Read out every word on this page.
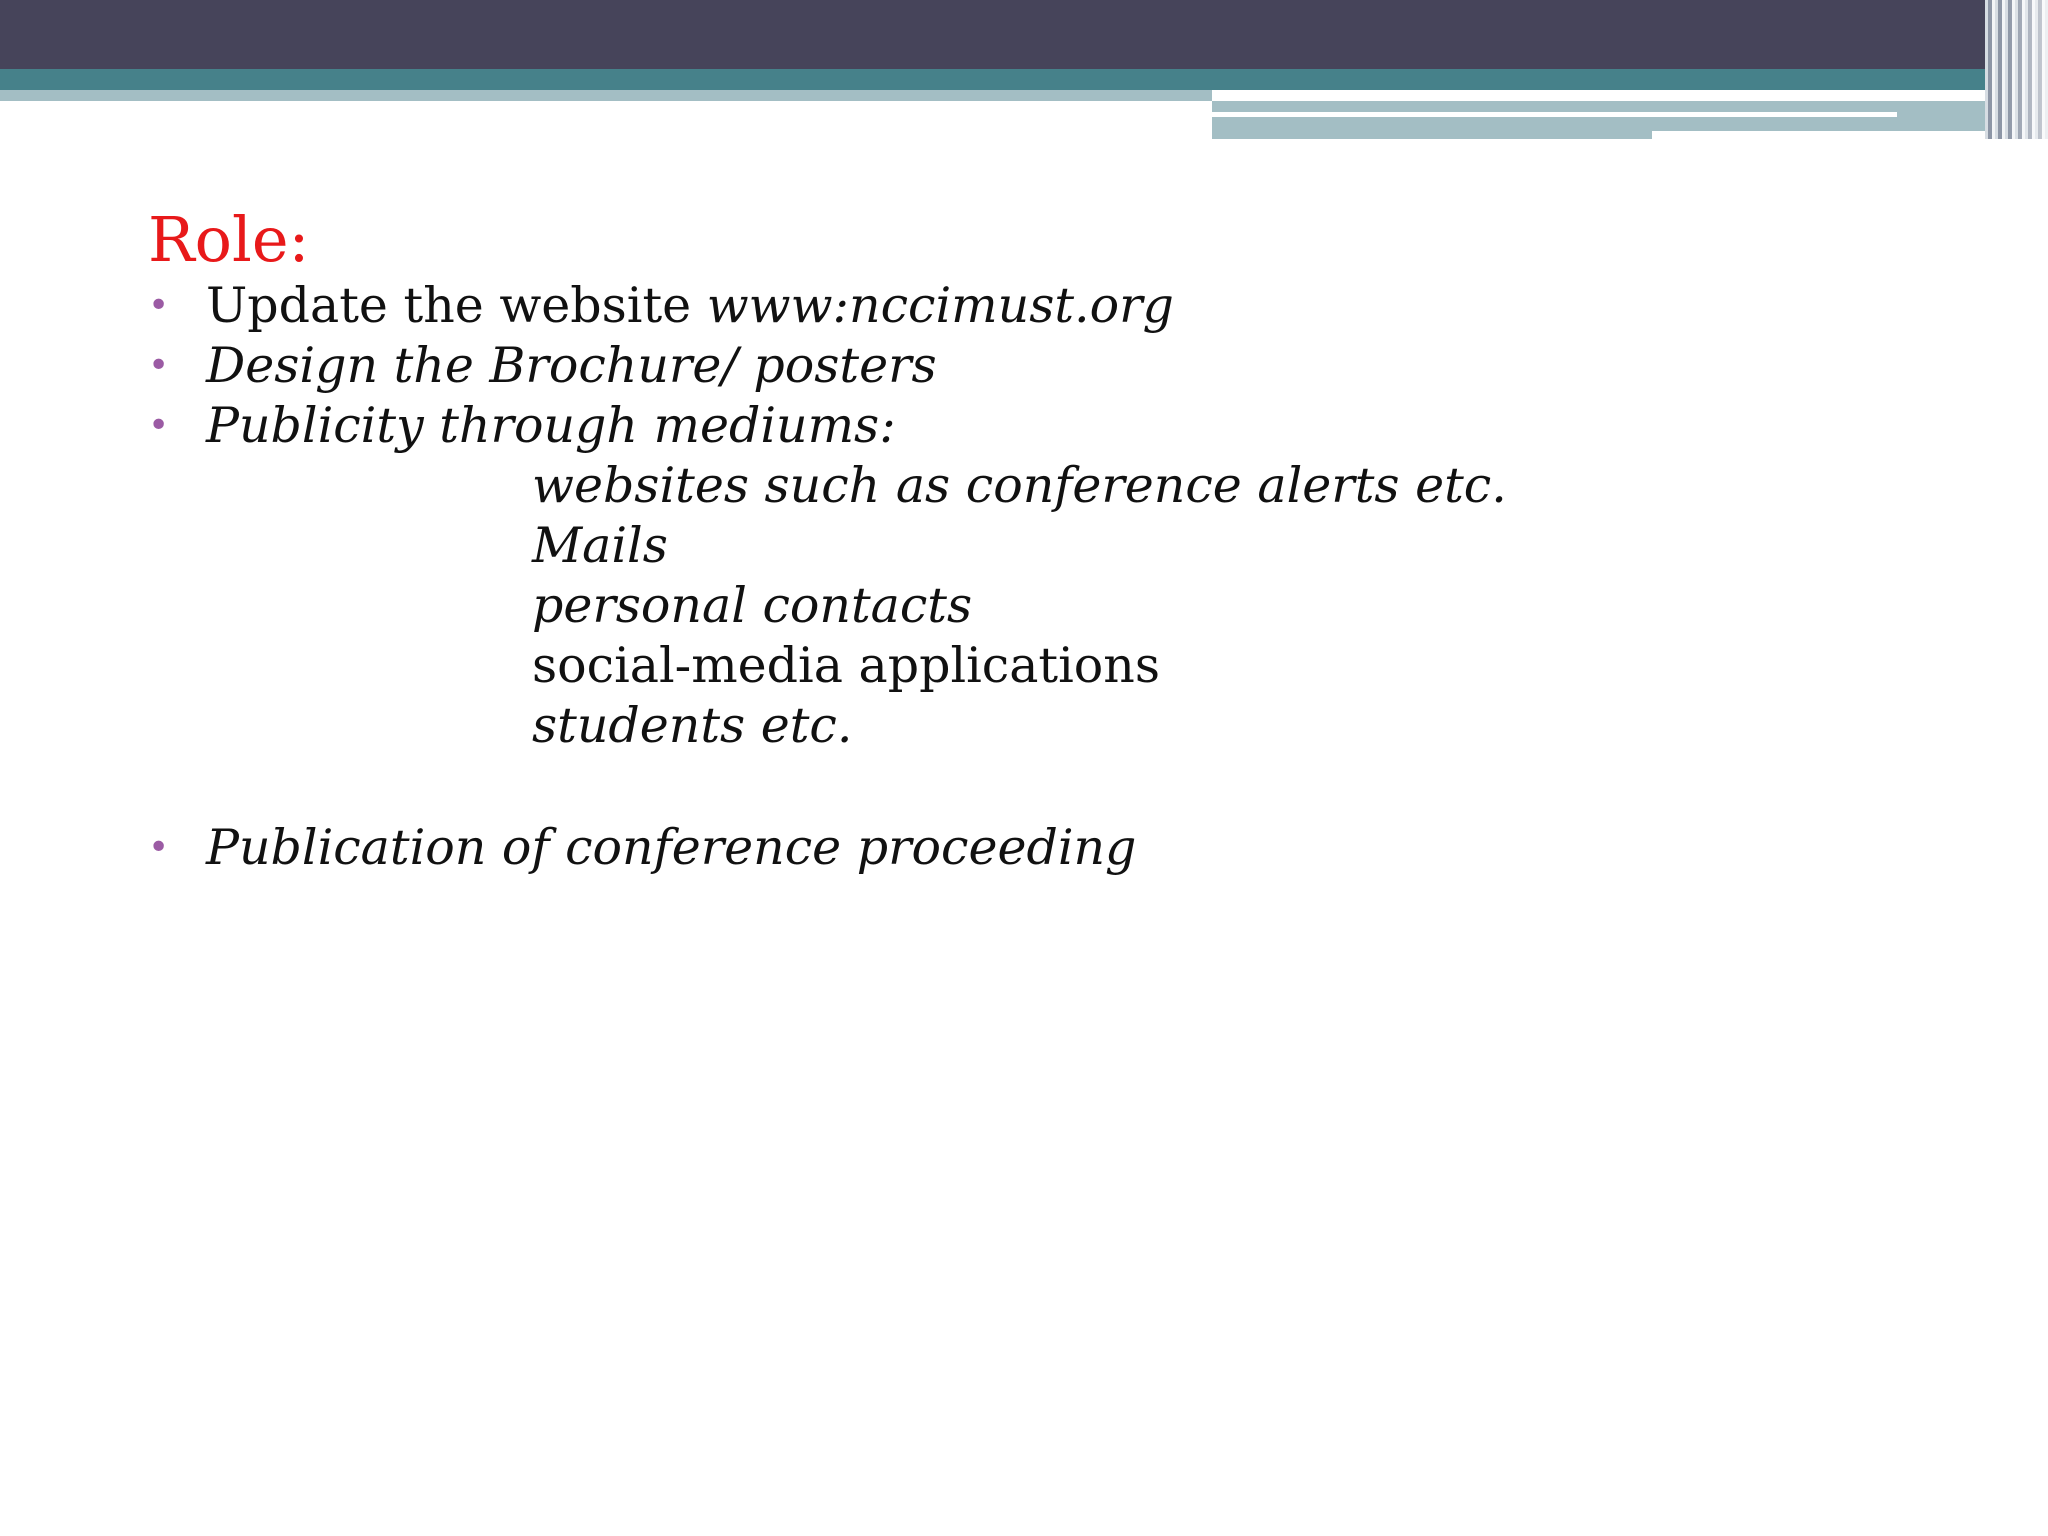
Role:
• Update the website www:nccimust.org
• Design the Brochure/ posters
• Publicity through mediums:
websites such as conference alerts etc.
Mails
personal contacts
social-media applications
students etc.
• Publication of conference proceeding
